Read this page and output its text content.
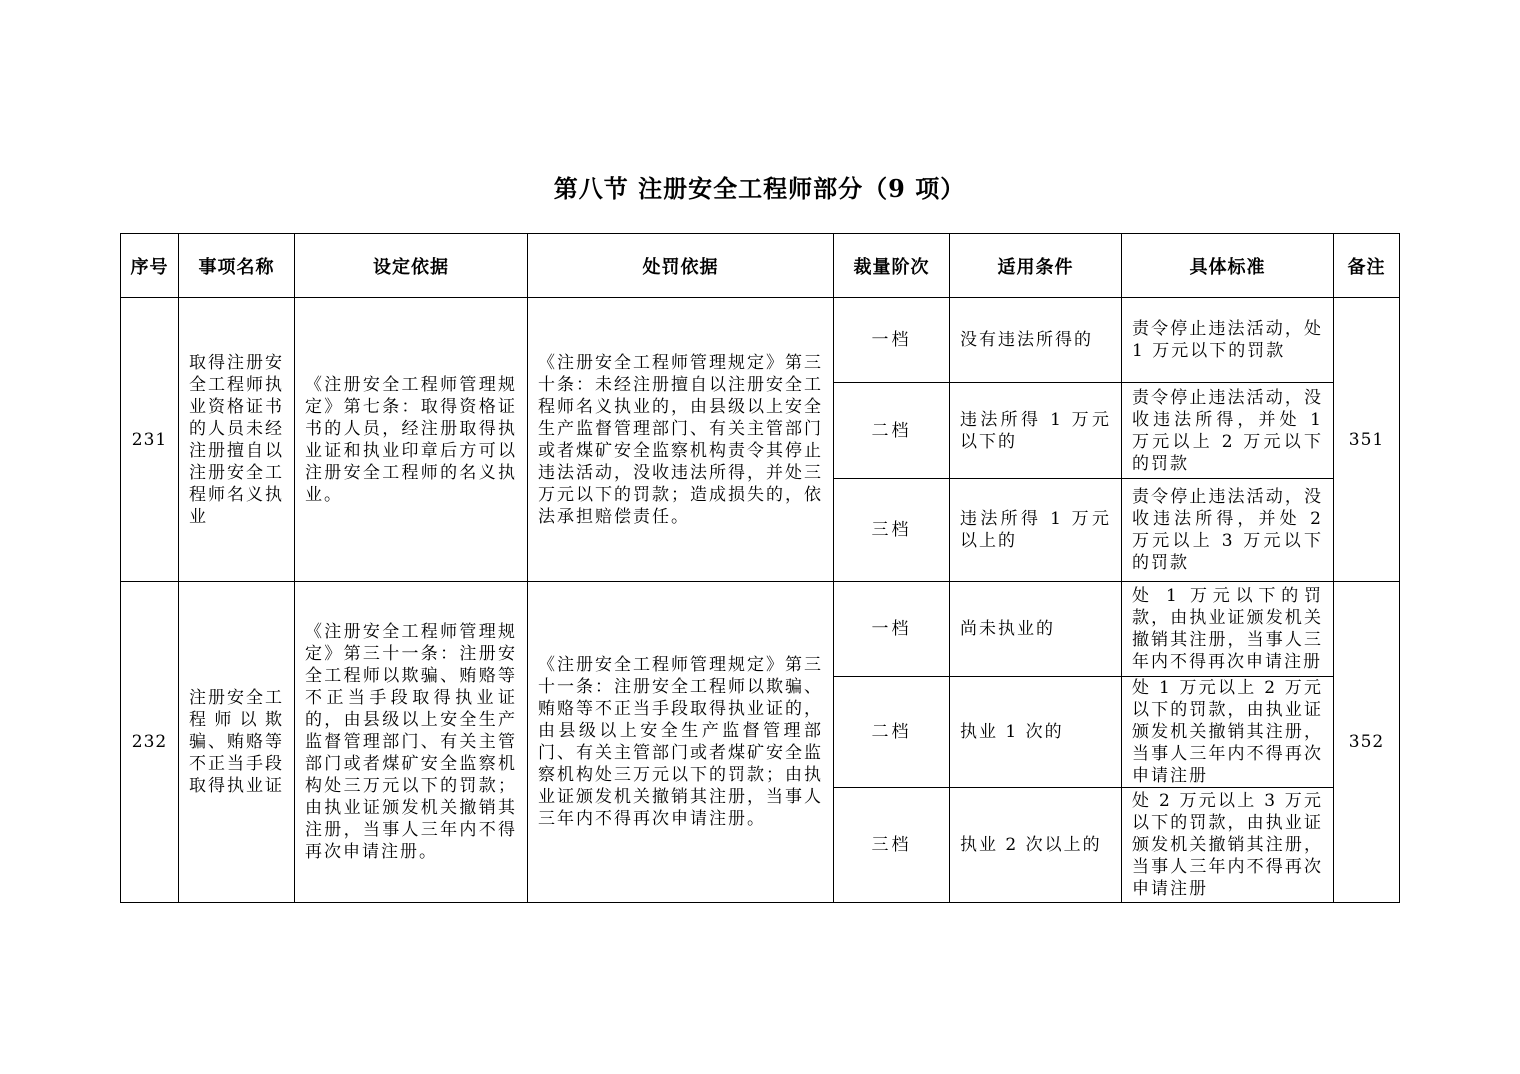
第八节 注册安全工程师部分（9 项）
序号	事项名称	设定依据	处罚依据	裁量阶次	适用条件	具体标准	备注
231	取得注册安全工程师执业资格证书的人员未经注册擅自以注册安全工程师名义执业	《注册安全工程师管理规定》第七条：取得资格证书的人员，经注册取得执业证和执业印章后方可以注册安全工程师的名义执业。	《注册安全工程师管理规定》第三十条：未经注册擅自以注册安全工程师名义执业的，由县级以上安全生产监督管理部门、有关主管部门或者煤矿安全监察机构责令其停止违法活动，没收违法所得，并处三万元以下的罚款；造成损失的，依法承担赔偿责任。	一档	没有违法所得的	责令停止违法活动，处 1 万元以下的罚款	351
				二档	违法所得 1 万元以下的	责令停止违法活动，没收违法所得，并处 1 万元以上 2 万元以下的罚款	
				三档	违法所得 1 万元以上的	责令停止违法活动，没收违法所得，并处 2 万元以上 3 万元以下的罚款	
232	注册安全工程师以欺骗、贿赂等不正当手段取得执业证	《注册安全工程师管理规定》第三十一条：注册安全工程师以欺骗、贿赂等不正当手段取得执业证的，由县级以上安全生产监督管理部门、有关主管部门或者煤矿安全监察机构处三万元以下的罚款；由执业证颁发机关撤销其注册，当事人三年内不得再次申请注册。	《注册安全工程师管理规定》第三十一条：注册安全工程师以欺骗、贿赂等不正当手段取得执业证的，由县级以上安全生产监督管理部门、有关主管部门或者煤矿安全监察机构处三万元以下的罚款；由执业证颁发机关撤销其注册，当事人三年内不得再次申请注册。	一档	尚未执业的	处 1 万元以下的罚款，由执业证颁发机关撤销其注册，当事人三年内不得再次申请注册	352
				二档	执业 1 次的	处 1 万元以上 2 万元以下的罚款，由执业证颁发机关撤销其注册，当事人三年内不得再次申请注册	
				三档	执业 2 次以上的	处 2 万元以上 3 万元以下的罚款，由执业证颁发机关撤销其注册，当事人三年内不得再次申请注册	
